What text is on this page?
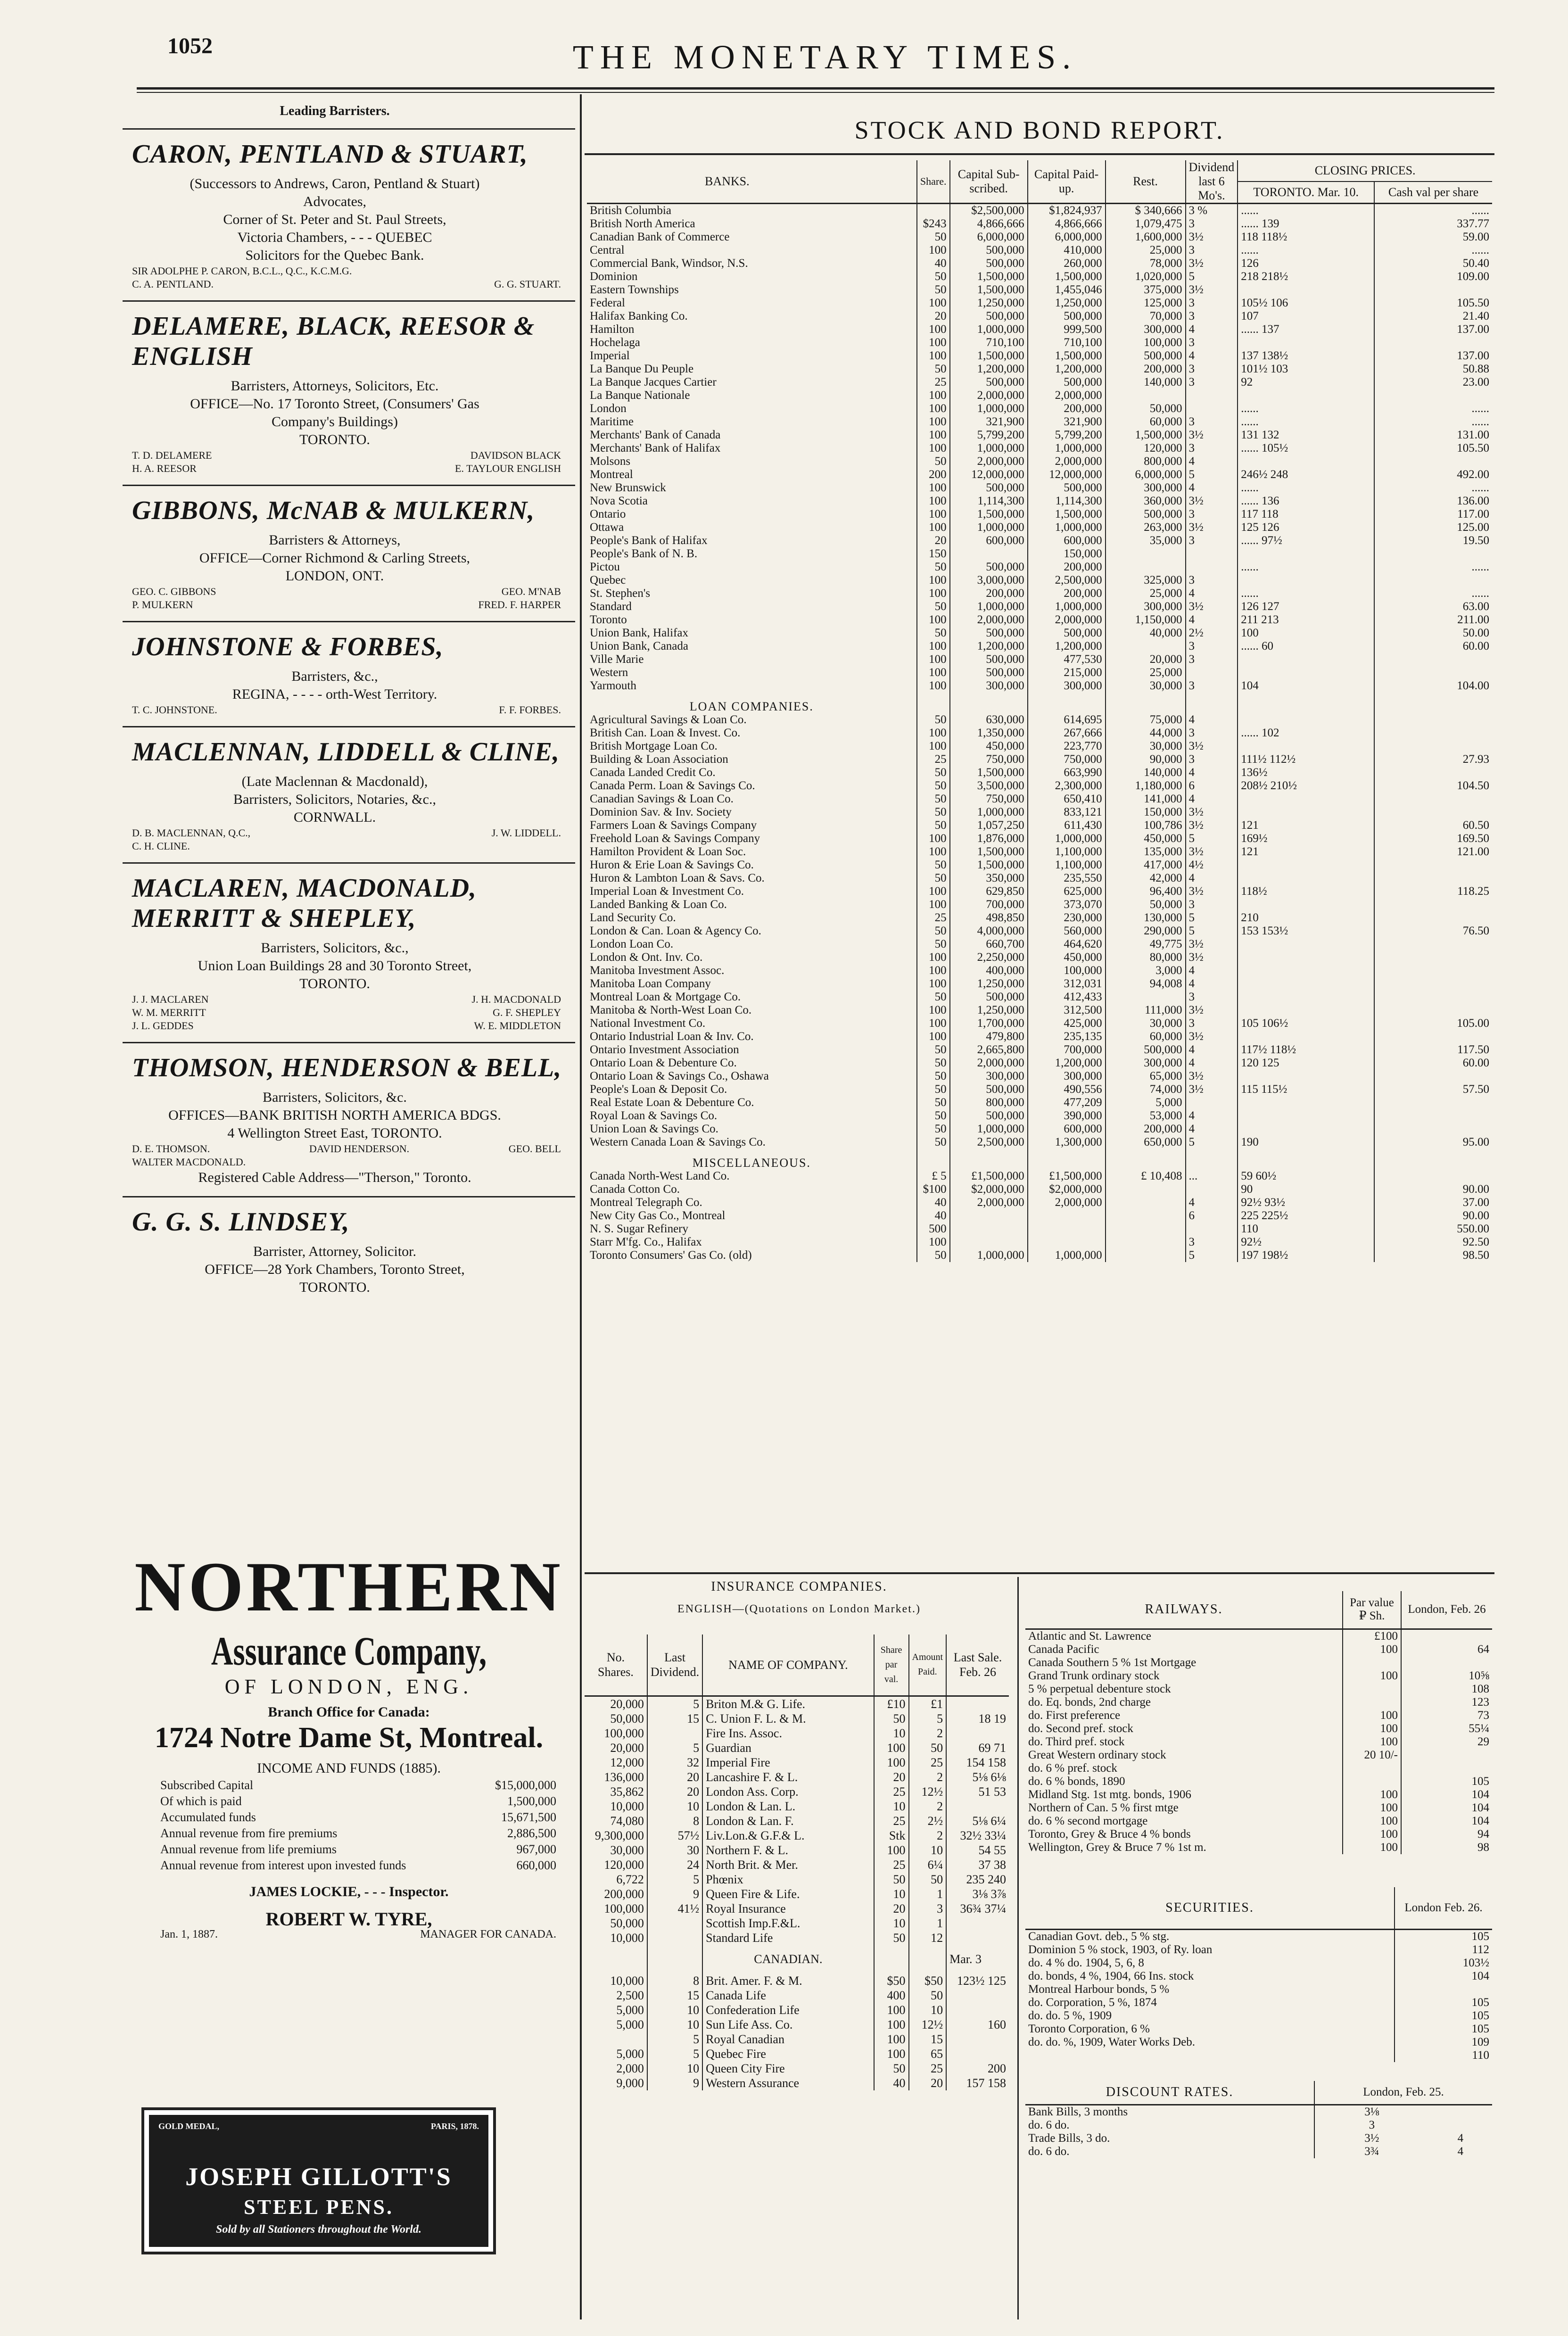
1052	THE MONETARY TIMES.
Leading Barristers.
CARON, PENTLAND & STUART,
(Successors to Andrews, Caron, Pentland & Stuart)
Advocates,
Corner of St. Peter and St. Paul Streets,
Victoria Chambers, - - - QUEBEC
Solicitors for the Quebec Bank.
SIR ADOLPHE P. CARON, B.C.L., Q.C., K.C.M.G.
C. A. PENTLAND.	G. G. STUART.
DELAMERE, BLACK, REESOR & ENGLISH
Barristers, Attorneys, Solicitors, Etc.
OFFICE—No. 17 Toronto Street, (Consumers' Gas
Company's Buildings)
TORONTO.
T. D. DELAMERE	DAVIDSON BLACK
H. A. REESOR	E. TAYLOUR ENGLISH
GIBBONS, McNAB & MULKERN,
Barristers & Attorneys,
OFFICE—Corner Richmond & Carling Streets,
LONDON, ONT.
GEO. C. GIBBONS	GEO. M'NAB
P. MULKERN	FRED. F. HARPER
JOHNSTONE & FORBES,
Barristers, &c.,
REGINA, - - - - orth-West Territory.
T. C. JOHNSTONE.	F. F. FORBES.
MACLENNAN, LIDDELL & CLINE,
(Late Maclennan & Macdonald),
Barristers, Solicitors, Notaries, &c.,
CORNWALL.
D. B. MACLENNAN, Q.C.,	J. W. LIDDELL.
C. H. CLINE.
MACLAREN, MACDONALD, MERRITT & SHEPLEY,
Barristers, Solicitors, &c.,
Union Loan Buildings 28 and 30 Toronto Street,
TORONTO.
J. J. MACLAREN	J. H. MACDONALD
W. M. MERRITT	G. F. SHEPLEY
J. L. GEDDES	W. E. MIDDLETON
THOMSON, HENDERSON & BELL,
Barristers, Solicitors, &c.
OFFICES—BANK BRITISH NORTH AMERICA BDGS.
4 Wellington Street East, TORONTO.
D. E. THOMSON.	DAVID HENDERSON.	GEO. BELL
WALTER MACDONALD.
Registered Cable Address—"Therson," Toronto.
G. G. S. LINDSEY,
Barrister, Attorney, Solicitor.
OFFICE—28 York Chambers, Toronto Street,
TORONTO.
NORTHERN
Assurance Company,
OF LONDON, ENG.
Branch Office for Canada:
1724 Notre Dame St, Montreal.
INCOME AND FUNDS (1885).
Subscribed Capital	$15,000,000
Of which is paid	1,500,000
Accumulated funds	15,671,500
Annual revenue from fire premiums	2,886,500
Annual revenue from life premiums	967,000
Annual revenue from interest upon invested funds	660,000
JAMES LOCKIE, - - - Inspector.
ROBERT W. TYRE,
Jan. 1, 1887.	MANAGER FOR CANADA.
GOLD MEDAL,	PARIS, 1878.
JOSEPH GILLOTT'S
STEEL PENS.
Sold by all Stationers throughout the World.
STOCK AND BOND REPORT.
BANKS.	Share.	Capital Sub- scribed.	Capital Paid-up.	Rest.	Dividend last 6 Mo's.	CLOSING PRICES.	
						TORONTO. Mar. 10.	Cash val per share
British Columbia		$2,500,000	$1,824,937	$ 340,666	3 %	......	......
British North America	$243	4,866,666	4,866,666	1,079,475	3	...... 139	337.77
Canadian Bank of Commerce	50	6,000,000	6,000,000	1,600,000	3½	118 118½	59.00
Central	100	500,000	410,000	25,000	3	......	......
Commercial Bank, Windsor, N.S.	40	500,000	260,000	78,000	3½	126	50.40
Dominion	50	1,500,000	1,500,000	1,020,000	5	218 218½	109.00
Eastern Townships	50	1,500,000	1,455,046	375,000	3½		
Federal	100	1,250,000	1,250,000	125,000	3	105½ 106	105.50
Halifax Banking Co.	20	500,000	500,000	70,000	3	107	21.40
Hamilton	100	1,000,000	999,500	300,000	4	...... 137	137.00
Hochelaga	100	710,100	710,100	100,000	3		
Imperial	100	1,500,000	1,500,000	500,000	4	137 138½	137.00
La Banque Du Peuple	50	1,200,000	1,200,000	200,000	3	101½ 103	50.88
La Banque Jacques Cartier	25	500,000	500,000	140,000	3	92	23.00
La Banque Nationale	100	2,000,000	2,000,000				
London	100	1,000,000	200,000	50,000		......	......
Maritime	100	321,900	321,900	60,000	3	......	......
Merchants' Bank of Canada	100	5,799,200	5,799,200	1,500,000	3½	131 132	131.00
Merchants' Bank of Halifax	100	1,000,000	1,000,000	120,000	3	...... 105½	105.50
Molsons	50	2,000,000	2,000,000	800,000	4		
Montreal	200	12,000,000	12,000,000	6,000,000	5	246½ 248	492.00
New Brunswick	100	500,000	500,000	300,000	4	......	......
Nova Scotia	100	1,114,300	1,114,300	360,000	3½	...... 136	136.00
Ontario	100	1,500,000	1,500,000	500,000	3	117 118	117.00
Ottawa	100	1,000,000	1,000,000	263,000	3½	125 126	125.00
People's Bank of Halifax	20	600,000	600,000	35,000	3	...... 97½	19.50
People's Bank of N. B.	150		150,000				
Pictou	50	500,000	200,000			......	......
Quebec	100	3,000,000	2,500,000	325,000	3		
St. Stephen's	100	200,000	200,000	25,000	4	......	......
Standard	50	1,000,000	1,000,000	300,000	3½	126 127	63.00
Toronto	100	2,000,000	2,000,000	1,150,000	4	211 213	211.00
Union Bank, Halifax	50	500,000	500,000	40,000	2½	100	50.00
Union Bank, Canada	100	1,200,000	1,200,000		3	...... 60	60.00
Ville Marie	100	500,000	477,530	20,000	3		
Western	100	500,000	215,000	25,000			
Yarmouth	100	300,000	300,000	30,000	3	104	104.00
LOAN COMPANIES.							
Agricultural Savings & Loan Co.	50	630,000	614,695	75,000	4		
British Can. Loan & Invest. Co.	100	1,350,000	267,666	44,000	3	...... 102	
British Mortgage Loan Co.	100	450,000	223,770	30,000	3½		
Building & Loan Association	25	750,000	750,000	90,000	3	111½ 112½	27.93
Canada Landed Credit Co.	50	1,500,000	663,990	140,000	4	136½	
Canada Perm. Loan & Savings Co.	50	3,500,000	2,300,000	1,180,000	6	208½ 210½	104.50
Canadian Savings & Loan Co.	50	750,000	650,410	141,000	4		
Dominion Sav. & Inv. Society	50	1,000,000	833,121	150,000	3½		
Farmers Loan & Savings Company	50	1,057,250	611,430	100,786	3½	121	60.50
Freehold Loan & Savings Company	100	1,876,000	1,000,000	450,000	5	169½	169.50
Hamilton Provident & Loan Soc.	100	1,500,000	1,100,000	135,000	3½	121	121.00
Huron & Erie Loan & Savings Co.	50	1,500,000	1,100,000	417,000	4½		
Huron & Lambton Loan & Savs. Co.	50	350,000	235,550	42,000	4		
Imperial Loan & Investment Co.	100	629,850	625,000	96,400	3½	118½	118.25
Landed Banking & Loan Co.	100	700,000	373,070	50,000	3		
Land Security Co.	25	498,850	230,000	130,000	5	210	
London & Can. Loan & Agency Co.	50	4,000,000	560,000	290,000	5	153 153½	76.50
London Loan Co.	50	660,700	464,620	49,775	3½		
London & Ont. Inv. Co.	100	2,250,000	450,000	80,000	3½		
Manitoba Investment Assoc.	100	400,000	100,000	3,000	4		
Manitoba Loan Company	100	1,250,000	312,031	94,008	4		
Montreal Loan & Mortgage Co.	50	500,000	412,433		3		
Manitoba & North-West Loan Co.	100	1,250,000	312,500	111,000	3½		
National Investment Co.	100	1,700,000	425,000	30,000	3	105 106½	105.00
Ontario Industrial Loan & Inv. Co.	100	479,800	235,135	60,000	3½		
Ontario Investment Association	50	2,665,800	700,000	500,000	4	117½ 118½	117.50
Ontario Loan & Debenture Co.	50	2,000,000	1,200,000	300,000	4	120 125	60.00
Ontario Loan & Savings Co., Oshawa	50	300,000	300,000	65,000	3½		
People's Loan & Deposit Co.	50	500,000	490,556	74,000	3½	115 115½	57.50
Real Estate Loan & Debenture Co.	50	800,000	477,209	5,000			
Royal Loan & Savings Co.	50	500,000	390,000	53,000	4		
Union Loan & Savings Co.	50	1,000,000	600,000	200,000	4		
Western Canada Loan & Savings Co.	50	2,500,000	1,300,000	650,000	5	190	95.00
MISCELLANEOUS.							
Canada North-West Land Co.	£ 5	£1,500,000	£1,500,000	£ 10,408	...	59 60½	
Canada Cotton Co.	$100	$2,000,000	$2,000,000			90	90.00
Montreal Telegraph Co.	40	2,000,000	2,000,000		4	92½ 93½	37.00
New City Gas Co., Montreal	40				6	225 225½	90.00
N. S. Sugar Refinery	500					110	550.00
Starr M'fg. Co., Halifax	100				3	92½	92.50
Toronto Consumers' Gas Co. (old)	50	1,000,000	1,000,000		5	197 198½	98.50
INSURANCE COMPANIES.
ENGLISH—(Quotations on London Market.)
No. Shares.	Last Dividend.	NAME OF COMPANY.	Share par val.	Amount Paid.	Last Sale. Feb. 26
20,000	5	Briton M.& G. Life.	£10	£1	
50,000	15	C. Union F. L. & M.	50	5	18 19
100,000		Fire Ins. Assoc.	10	2	
20,000	5	Guardian	100	50	69 71
12,000	32	Imperial Fire	100	25	154 158
136,000	20	Lancashire F. & L.	20	2	5⅛ 6⅛
35,862	20	London Ass. Corp.	25	12½	51 53
10,000	10	London & Lan. L.	10	2	
74,080	8	London & Lan. F.	25	2½	5⅛ 6¼
9,300,000	57½	Liv.Lon.& G.F.& L.	Stk	2	32½ 33¼
30,000	30	Northern F. & L.	100	10	54 55
120,000	24	North Brit. & Mer.	25	6¼	37 38
6,722	5	Phœnix	50	50	235 240
200,000	9	Queen Fire & Life.	10	1	3⅛ 3⅞
100,000	41½	Royal Insurance	20	3	36¾ 37¼
50,000		Scottish Imp.F.&L.	10	1	
10,000		Standard Life	50	12	
		CANADIAN.			Mar. 3
10,000	8	Brit. Amer. F. & M.	$50	$50	123½ 125
2,500	15	Canada Life	400	50	
5,000	10	Confederation Life	100	10	
5,000	10	Sun Life Ass. Co.	100	12½	160
	5	Royal Canadian	100	15	
5,000	5	Quebec Fire	100	65	
2,000	10	Queen City Fire	50	25	200
9,000	9	Western Assurance	40	20	157 158
RAILWAYS.	Par value ₽ Sh.	London, Feb. 26
Atlantic and St. Lawrence	£100	
Canada Pacific	100	64
Canada Southern 5 % 1st Mortgage		
Grand Trunk ordinary stock	100	10⅝
5 % perpetual debenture stock		108
do. Eq. bonds, 2nd charge		123
do. First preference	100	73
do. Second pref. stock	100	55¼
do. Third pref. stock	100	29
Great Western ordinary stock	20 10/-	
do. 6 % pref. stock		
do. 6 % bonds, 1890		105
Midland Stg. 1st mtg. bonds, 1906	100	104
Northern of Can. 5 % first mtge	100	104
do. 6 % second mortgage	100	104
Toronto, Grey & Bruce 4 % bonds	100	94
Wellington, Grey & Bruce 7 % 1st m.	100	98
SECURITIES.	London Feb. 26.
Canadian Govt. deb., 5 % stg.	105
Dominion 5 % stock, 1903, of Ry. loan	112
do. 4 % do. 1904, 5, 6, 8	103½
do. bonds, 4 %, 1904, 66 Ins. stock	104
Montreal Harbour bonds, 5 %	
do. Corporation, 5 %, 1874	105
do. do. 5 %, 1909	105
Toronto Corporation, 6 %	105
do. do. %, 1909, Water Works Deb.	109
	110
DISCOUNT RATES.	London, Feb. 25.	
Bank Bills, 3 months	3⅛	
do. 6 do.	3	
Trade Bills, 3 do.	3½	4
do. 6 do.	3¾	4
